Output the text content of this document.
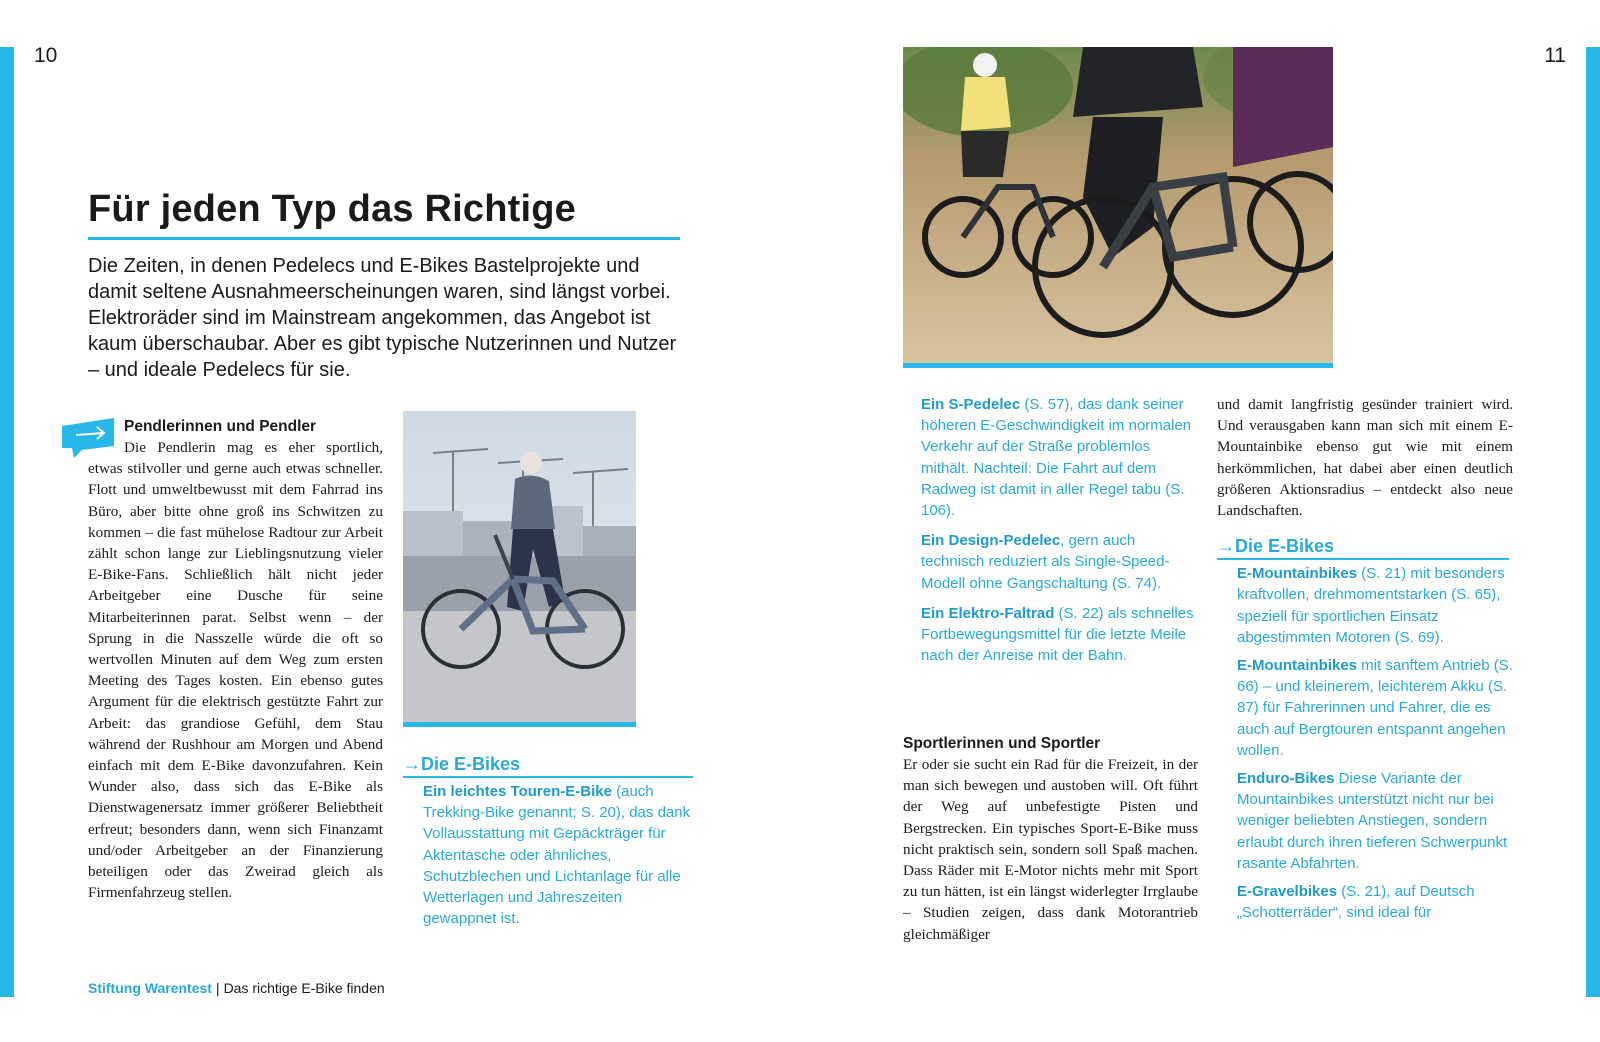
10	11
Für jeden Typ das Richtige

Die Zeiten, in denen Pedelecs und E-Bikes Bastelprojekte und damit seltene Ausnahmeerscheinungen waren, sind längst vorbei. Elektroräder sind im Mainstream angekommen, das Angebot ist kaum überschaubar. Aber es gibt typische Nutzerinnen und Nutzer – und ideale Pedelecs für sie.

Pendlerinnen und Pendler

Die Pendlerin mag es eher sportlich, etwas stilvoller und gerne auch etwas schneller. Flott und umweltbewusst mit dem Fahrrad ins Büro, aber bitte ohne groß ins Schwitzen zu kommen – die fast mühelose Radtour zur Arbeit zählt schon lange zur Lieblingsnutzung vieler E-Bike-Fans. Schließlich hält nicht jeder Arbeitgeber eine Dusche für seine Mitarbeiterinnen parat. Selbst wenn – der Sprung in die Nasszelle würde die oft so wertvollen Minuten auf dem Weg zum ersten Meeting des Tages kosten. Ein ebenso gutes Argument für die elektrisch gestützte Fahrt zur Arbeit: das grandiose Gefühl, dem Stau während der Rushhour am Morgen und Abend einfach mit dem E-Bike davonzufahren. Kein Wunder also, dass sich das E-Bike als Dienstwagenersatz immer größerer Beliebtheit erfreut; besonders dann, wenn sich Finanzamt und/oder Arbeitgeber an der Finanzierung beteiligen oder das Zweirad gleich als Firmenfahrzeug stellen.

→Die E-Bikes

Ein leichtes Touren-E-Bike (auch Trekking-Bike genannt; S. 20), das dank Vollausstattung mit Gepäckträger für Aktentasche oder ähnliches, Schutzblechen und Lichtanlage für alle Wetterlagen und Jahreszeiten gewappnet ist.

Ein S-Pedelec (S. 57), das dank seiner höheren E-Geschwindigkeit im normalen Verkehr auf der Straße problemlos mithält. Nachteil: Die Fahrt auf dem Radweg ist damit in aller Regel tabu (S. 106).

Ein Design-Pedelec, gern auch technisch reduziert als Single-Speed-Modell ohne Gangschaltung (S. 74).

Ein Elektro-Faltrad (S. 22) als schnelles Fortbewegungsmittel für die letzte Meile nach der Anreise mit der Bahn.

Sportlerinnen und Sportler

Er oder sie sucht ein Rad für die Freizeit, in der man sich bewegen und austoben will. Oft führt der Weg auf unbefestigte Pisten und Bergstrecken. Ein typisches Sport-E-Bike muss nicht praktisch sein, sondern soll Spaß machen. Dass Räder mit E-Motor nichts mehr mit Sport zu tun hätten, ist ein längst widerlegter Irrglaube – Studien zeigen, dass dank Motorantrieb gleichmäßiger

und damit langfristig gesünder trainiert wird. Und verausgaben kann man sich mit einem E-Mountainbike ebenso gut wie mit einem herkömmlichen, hat dabei aber einen deutlich größeren Aktionsradius – entdeckt also neue Landschaften.

→Die E-Bikes

E-Mountainbikes (S. 21) mit besonders kraftvollen, drehmomentstarken (S. 65), speziell für sportlichen Einsatz abgestimmten Motoren (S. 69).

E-Mountainbikes mit sanftem Antrieb (S. 66) – und kleinerem, leichterem Akku (S. 87) für Fahrerinnen und Fahrer, die es auch auf Bergtouren entspannt angehen wollen.

Enduro-Bikes Diese Variante der Mountainbikes unterstützt nicht nur bei weniger beliebten Anstiegen, sondern erlaubt durch ihren tieferen Schwerpunkt rasante Abfahrten.

E-Gravelbikes (S. 21), auf Deutsch „Schotterräder“, sind ideal für

Stiftung Warentest | Das richtige E-Bike finden
